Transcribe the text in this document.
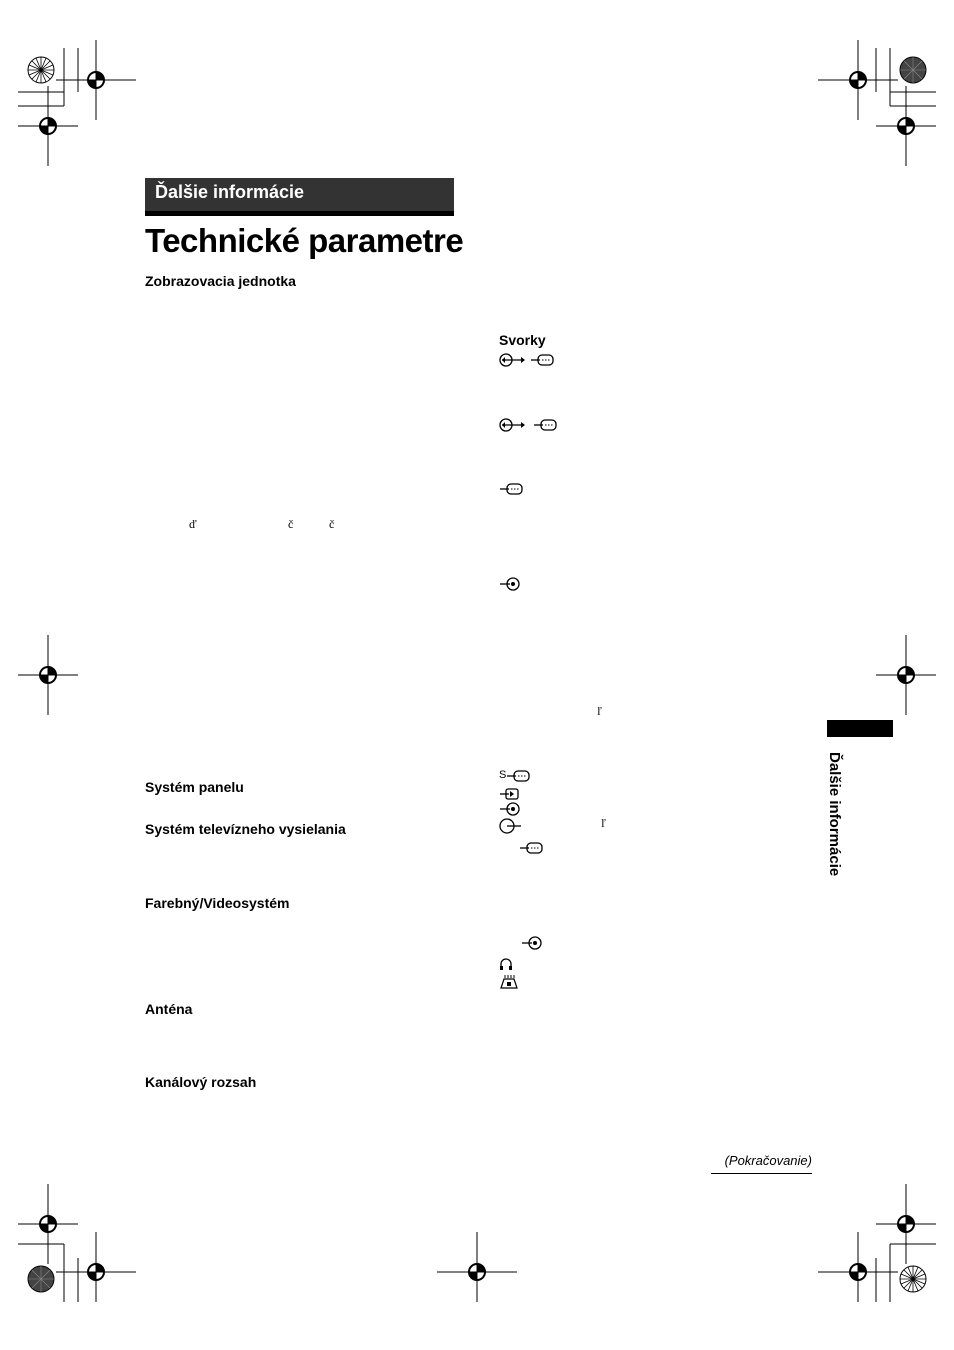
Ďalšie informácie
Technické parametre
Zobrazovacia jednotka
ď	č	č
Systém panelu
Systém televízneho vysielania
Farebný/Videosystém
Anténa
Kanálový rozsah
Svorky
ľ
S
ľ	Ďalšie informácie
(Pokračovanie)
